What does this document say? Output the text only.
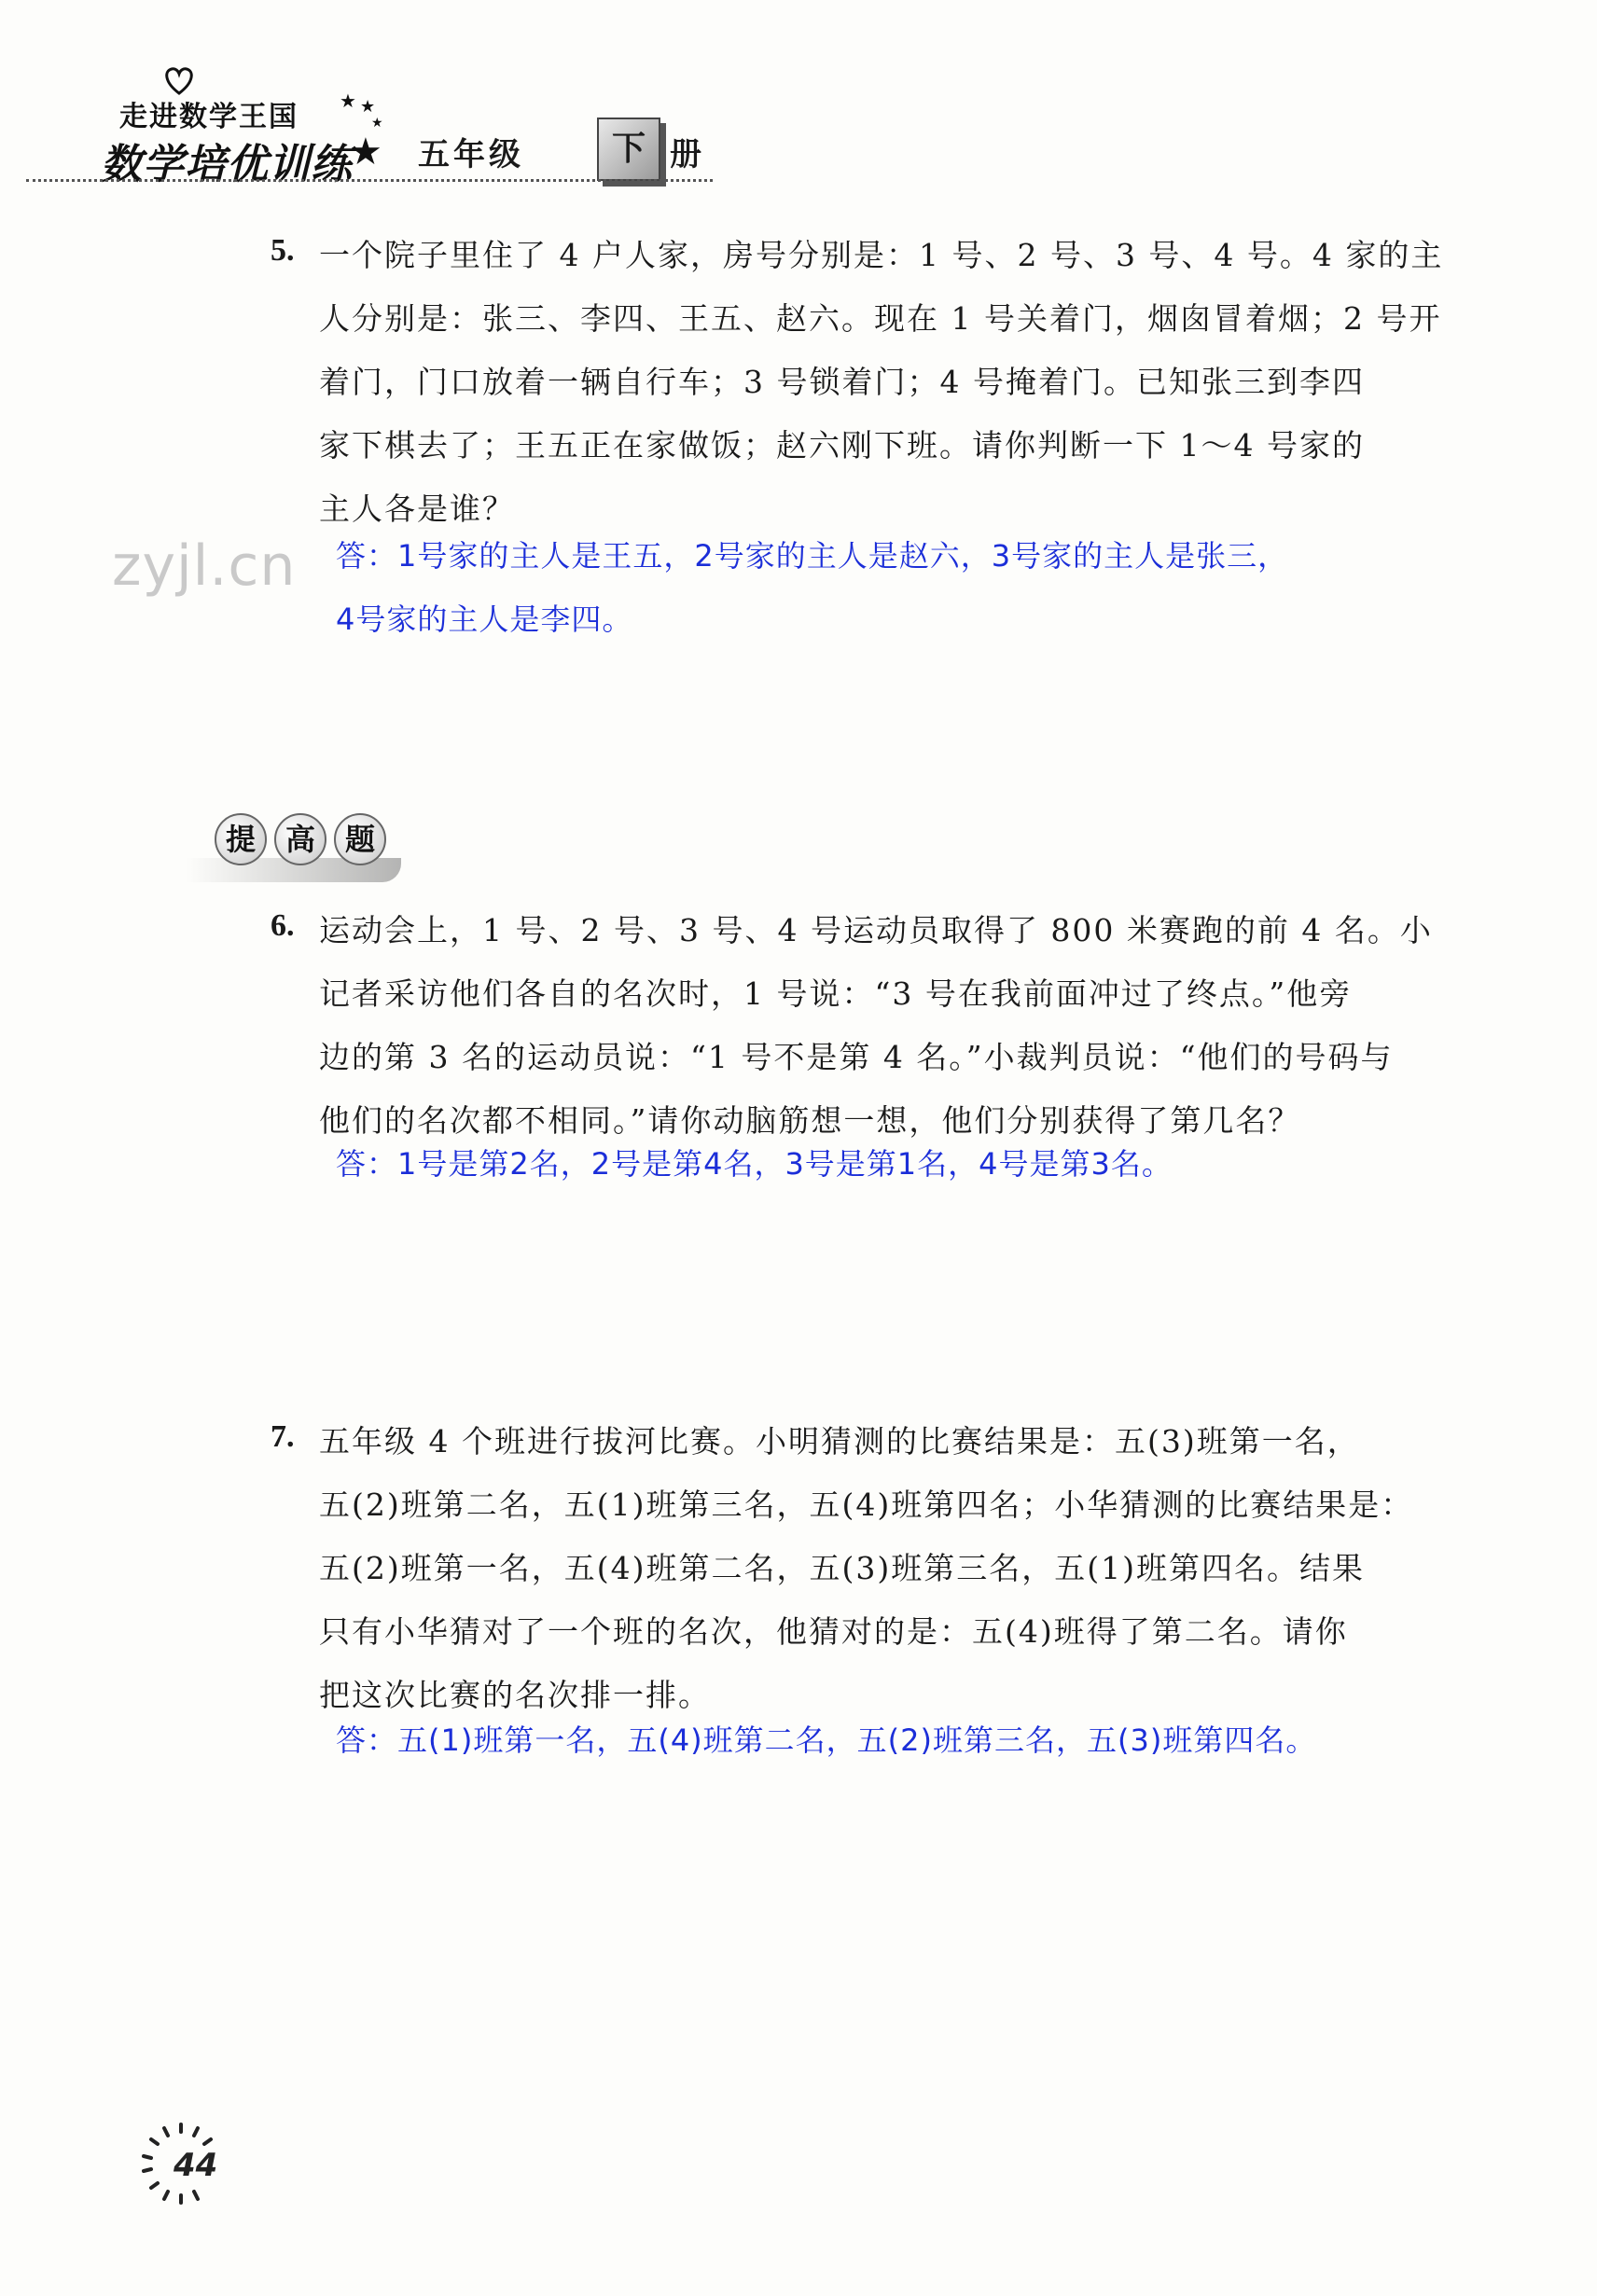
走进数学王国
数学培优训练
★ ★
★
★ 五年级	下 册
zyjl.cn
5. 一个院子里住了 4 户人家，房号分别是：1 号、2 号、3 号、4 号。4 家的主
人分别是：张三、李四、王五、赵六。现在 1 号关着门，烟囱冒着烟；2 号开
着门，门口放着一辆自行车；3 号锁着门；4 号掩着门。已知张三到李四
家下棋去了；王五正在家做饭；赵六刚下班。请你判断一下 1～4 号家的
主人各是谁？
答：1号家的主人是王五，2号家的主人是赵六，3号家的主人是张三，
4号家的主人是李四。
提 高 题
6. 运动会上，1 号、2 号、3 号、4 号运动员取得了 800 米赛跑的前 4 名。小
记者采访他们各自的名次时，1 号说：“3 号在我前面冲过了终点。”他旁
边的第 3 名的运动员说：“1 号不是第 4 名。”小裁判员说：“他们的号码与
他们的名次都不相同。”请你动脑筋想一想，他们分别获得了第几名？
答：1号是第2名，2号是第4名，3号是第1名，4号是第3名。
7. 五年级 4 个班进行拔河比赛。小明猜测的比赛结果是：五(3)班第一名，
五(2)班第二名，五(1)班第三名，五(4)班第四名；小华猜测的比赛结果是：
五(2)班第一名，五(4)班第二名，五(3)班第三名，五(1)班第四名。结果
只有小华猜对了一个班的名次，他猜对的是：五(4)班得了第二名。请你
把这次比赛的名次排一排。
答：五(1)班第一名，五(4)班第二名，五(2)班第三名，五(3)班第四名。
44
